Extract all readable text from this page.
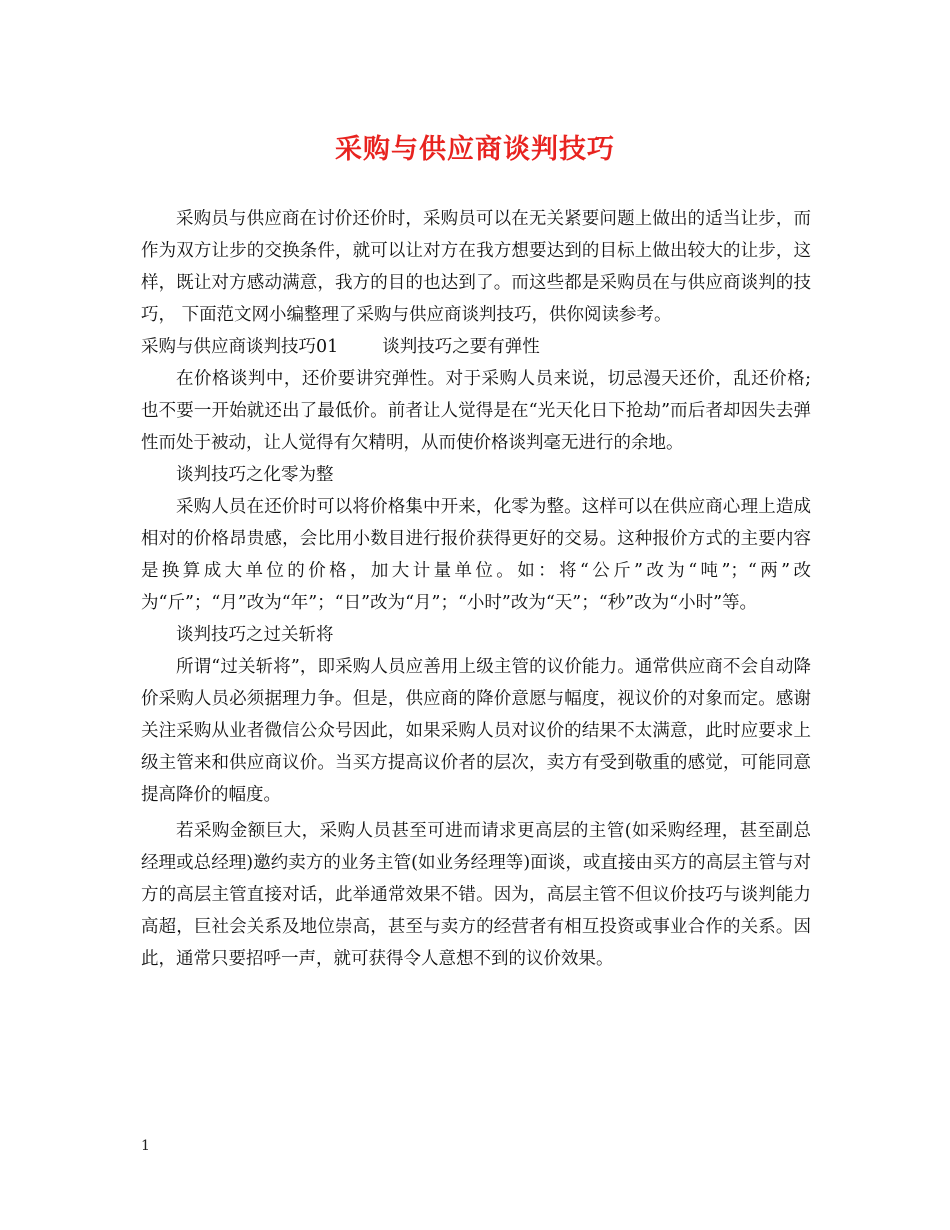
采购与供应商谈判技巧

采购员与供应商在讨价还价时，采购员可以在无关紧要问题上做出的适当让步，而作为双方让步的交换条件，就可以让对方在我方想要达到的目标上做出较大的让步，这样，既让对方感动满意，我方的目的也达到了。而这些都是采购员在与供应商谈判的技巧， 下面范文网小编整理了采购与供应商谈判技巧，供你阅读参考。

采购与供应商谈判技巧01	谈判技巧之要有弹性

在价格谈判中，还价要讲究弹性。对于采购人员来说，切忌漫天还价，乱还价格;也不要一开始就还出了最低价。前者让人觉得是在“光天化日下抢劫”而后者却因失去弹性而处于被动，让人觉得有欠精明，从而使价格谈判毫无进行的余地。

谈判技巧之化零为整

采购人员在还价时可以将价格集中开来，化零为整。这样可以在供应商心理上造成相对的价格昂贵感，会比用小数目进行报价获得更好的交易。这种报价方式的主要内容是换算成大单位的价格，加大计量单位。如：将“公斤”改为“吨”；“两”改为“斤”；“月”改为“年”；“日”改为“月”；“小时”改为“天”；“秒”改为“小时”等。

谈判技巧之过关斩将

所谓“过关斩将”，即采购人员应善用上级主管的议价能力。通常供应商不会自动降价采购人员必须据理力争。但是，供应商的降价意愿与幅度，视议价的对象而定。感谢关注采购从业者微信公众号因此，如果采购人员对议价的结果不太满意，此时应要求上级主管来和供应商议价。当买方提高议价者的层次，卖方有受到敬重的感觉，可能同意提高降价的幅度。

若采购金额巨大，采购人员甚至可进而请求更高层的主管(如采购经理，甚至副总经理或总经理)邀约卖方的业务主管(如业务经理等)面谈，或直接由买方的高层主管与对方的高层主管直接对话，此举通常效果不错。因为，高层主管不但议价技巧与谈判能力高超，巨社会关系及地位崇高，甚至与卖方的经营者有相互投资或事业合作的关系。因此，通常只要招呼一声，就可获得令人意想不到的议价效果。

1
